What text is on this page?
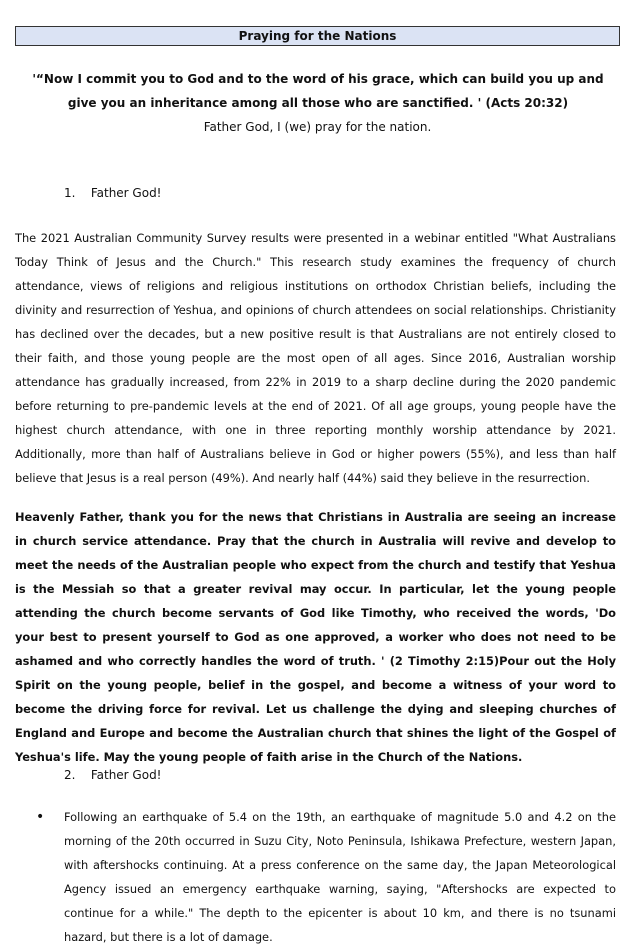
Praying for the Nations
'“Now I commit you to God and to the word of his grace, which can build you up and give you an inheritance among all those who are sanctified. ' (Acts 20:32)
Father God, I (we) pray for the nation.
1. Father God!
The 2021 Australian Community Survey results were presented in a webinar entitled "What Australians Today Think of Jesus and the Church." This research study examines the frequency of church attendance, views of religions and religious institutions on orthodox Christian beliefs, including the divinity and resurrection of Yeshua, and opinions of church attendees on social relationships. Christianity has declined over the decades, but a new positive result is that Australians are not entirely closed to their faith, and those young people are the most open of all ages. Since 2016, Australian worship attendance has gradually increased, from 22% in 2019 to a sharp decline during the 2020 pandemic before returning to pre-pandemic levels at the end of 2021. Of all age groups, young people have the highest church attendance, with one in three reporting monthly worship attendance by 2021. Additionally, more than half of Australians believe in God or higher powers (55%), and less than half believe that Jesus is a real person (49%). And nearly half (44%) said they believe in the resurrection.
Heavenly Father, thank you for the news that Christians in Australia are seeing an increase in church service attendance. Pray that the church in Australia will revive and develop to meet the needs of the Australian people who expect from the church and testify that Yeshua is the Messiah so that a greater revival may occur. In particular, let the young people attending the church become servants of God like Timothy, who received the words, 'Do your best to present yourself to God as one approved, a worker who does not need to be ashamed and who correctly handles the word of truth. ' (2 Timothy 2:15)Pour out the Holy Spirit on the young people, belief in the gospel, and become a witness of your word to become the driving force for revival. Let us challenge the dying and sleeping churches of England and Europe and become the Australian church that shines the light of the Gospel of Yeshua's life. May the young people of faith arise in the Church of the Nations.
2. Father God!
• Following an earthquake of 5.4 on the 19th, an earthquake of magnitude 5.0 and 4.2 on the morning of the 20th occurred in Suzu City, Noto Peninsula, Ishikawa Prefecture, western Japan, with aftershocks continuing. At a press conference on the same day, the Japan Meteorological Agency issued an emergency earthquake warning, saying, "Aftershocks are expected to continue for a while." The depth to the epicenter is about 10 km, and there is no tsunami hazard, but there is a lot of damage.
